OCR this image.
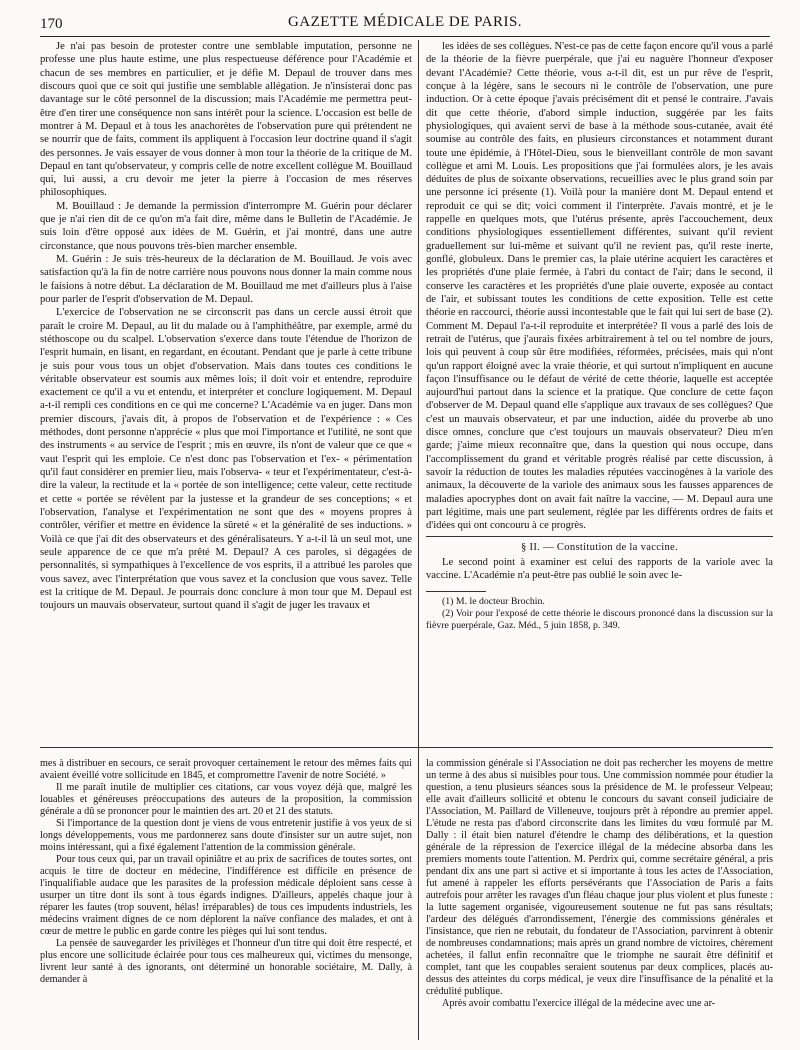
170	GAZETTE MÉDICALE DE PARIS.

Je n'ai pas besoin de protester contre une semblable imputation, personne ne professe une plus haute estime, une plus respectueuse déférence pour l'Académie et chacun de ses membres en particulier, et je défie M. Depaul de trouver dans mes discours quoi que ce soit qui justifie une semblable allégation. Je n'insisterai donc pas davantage sur le côté personnel de la discussion; mais l'Académie me permettra peut-être d'en tirer une conséquence non sans intérêt pour la science. L'occasion est belle de montrer à M. Depaul et à tous les anachorètes de l'observation pure qui prétendent ne se nourrir que de faits, comment ils appliquent à l'occasion leur doctrine quand il s'agit des personnes. Je vais essayer de vous donner à mon tour la théorie de la critique de M. Depaul en tant qu'observateur, y compris celle de notre excellent collègue M. Bouillaud qui, lui aussi, a cru devoir me jeter la pierre à l'occasion de mes réserves philosophiques.

M. Bouillaud : Je demande la permission d'interrompre M. Guérin pour déclarer que je n'ai rien dit de ce qu'on m'a fait dire, même dans le Bulletin de l'Académie. Je suis loin d'être opposé aux idées de M. Guérin, et j'ai montré, dans une autre circonstance, que nous pouvons très-bien marcher ensemble.

M. Guérin : Je suis très-heureux de la déclaration de M. Bouillaud. Je vois avec satisfaction qu'à la fin de notre carrière nous pouvons nous donner la main comme nous le faisions à notre début. La déclaration de M. Bouillaud me met d'ailleurs plus à l'aise pour parler de l'esprit d'observation de M. Depaul.

L'exercice de l'observation ne se circonscrit pas dans un cercle aussi étroit que paraît le croire M. Depaul, au lit du malade ou à l'amphithéâtre, par exemple, armé du stéthoscope ou du scalpel. L'observation s'exerce dans toute l'étendue de l'horizon de l'esprit humain, en lisant, en regardant, en écoutant. Pendant que je parle à cette tribune je suis pour vous tous un objet d'observation. Mais dans toutes ces conditions le véritable observateur est soumis aux mêmes lois; il doit voir et entendre, reproduire exactement ce qu'il a vu et entendu, et interpréter et conclure logiquement. M. Depaul a-t-il rempli ces conditions en ce qui me concerne? L'Académie va en juger. Dans mon premier discours, j'avais dit, à propos de l'observation et de l'expérience : « Ces méthodes, dont personne n'apprécie « plus que moi l'importance et l'utilité, ne sont que des instruments « au service de l'esprit ; mis en œuvre, ils n'ont de valeur que ce que « vaut l'esprit qui les emploie. Ce n'est donc pas l'observation et l'ex- « périmentation qu'il faut considérer en premier lieu, mais l'observa- « teur et l'expérimentateur, c'est-à-dire la valeur, la rectitude et la « portée de son intelligence; cette valeur, cette rectitude et cette « portée se révèlent par la justesse et la grandeur de ses conceptions; « et l'observation, l'analyse et l'expérimentation ne sont que des « moyens propres à contrôler, vérifier et mettre en évidence la sûreté « et la généralité de ses inductions. » Voilà ce que j'ai dit des observateurs et des généralisateurs. Y a-t-il là un seul mot, une seule apparence de ce que m'a prêté M. Depaul? A ces paroles, si dégagées de personnalités, si sympathiques à l'excellence de vos esprits, il a attribué les paroles que vous savez, avec l'interprétation que vous savez et la conclusion que vous savez. Telle est la critique de M. Depaul. Je pourrais donc conclure à mon tour que M. Depaul est toujours un mauvais observateur, surtout quand il s'agit de juger les travaux et

les idées de ses collègues. N'est-ce pas de cette façon encore qu'il vous a parlé de la théorie de la fièvre puerpérale, que j'ai eu naguère l'honneur d'exposer devant l'Académie? Cette théorie, vous a-t-il dit, est un pur rêve de l'esprit, conçue à la légère, sans le secours ni le contrôle de l'observation, une pure induction. Or à cette époque j'avais précisément dit et pensé le contraire. J'avais dit que cette théorie, d'abord simple induction, suggérée par les faits physiologiques, qui avaient servi de base à la méthode sous-cutanée, avait été soumise au contrôle des faits, en plusieurs circonstances et notamment durant toute une épidémie, à l'Hôtel-Dieu, sous le bienveillant contrôle de mon savant collègue et ami M. Louis. Les propositions que j'ai formulées alors, je les avais déduites de plus de soixante observations, recueillies avec le plus grand soin par une personne ici présente (1). Voilà pour la manière dont M. Depaul entend et reproduit ce qui se dit; voici comment il l'interprète. J'avais montré, et je le rappelle en quelques mots, que l'utérus présente, après l'accouchement, deux conditions physiologiques essentiellement différentes, suivant qu'il revient graduellement sur lui-même et suivant qu'il ne revient pas, qu'il reste inerte, gonflé, globuleux. Dans le premier cas, la plaie utérine acquiert les caractères et les propriétés d'une plaie fermée, à l'abri du contact de l'air; dans le second, il conserve les caractères et les propriétés d'une plaie ouverte, exposée au contact de l'air, et subissant toutes les conditions de cette exposition. Telle est cette théorie en raccourci, théorie aussi incontestable que le fait qui lui sert de base (2). Comment M. Depaul l'a-t-il reproduite et interprétée? Il vous a parlé des lois de retrait de l'utérus, que j'aurais fixées arbitrairement à tel ou tel nombre de jours, lois qui peuvent à coup sûr être modifiées, réformées, précisées, mais qui n'ont qu'un rapport éloigné avec la vraie théorie, et qui surtout n'impliquent en aucune façon l'insuffisance ou le défaut de vérité de cette théorie, laquelle est acceptée aujourd'hui partout dans la science et la pratique. Que conclure de cette façon d'observer de M. Depaul quand elle s'applique aux travaux de ses collègues? Que c'est un mauvais observateur, et par une induction, aidée du proverbe ab uno disce omnes, conclure que c'est toujours un mauvais observateur? Dieu m'en garde; j'aime mieux reconnaître que, dans la question qui nous occupe, dans l'accomplissement du grand et véritable progrès réalisé par cette discussion, à savoir la réduction de toutes les maladies réputées vaccinogènes à la variole des animaux, la découverte de la variole des animaux sous les fausses apparences de maladies apocryphes dont on avait fait naître la vaccine, — M. Depaul aura une part légitime, mais une part seulement, réglée par les différents ordres de faits et d'idées qui ont concouru à ce progrès.

§ II. — Constitution de la vaccine.

Le second point à examiner est celui des rapports de la variole avec la vaccine. L'Académie n'a peut-être pas oublié le soin avec le-

(1) M. le docteur Brochin.

(2) Voir pour l'exposé de cette théorie le discours prononcé dans la discussion sur la fièvre puerpérale, Gaz. Méd., 5 juin 1858, p. 349.

mes à distribuer en secours, ce serait provoquer certainement le retour des mêmes faits qui avaient éveillé votre sollicitude en 1845, et compromettre l'avenir de notre Société. »

Il me paraît inutile de multiplier ces citations, car vous voyez déjà que, malgré les louables et généreuses préoccupations des auteurs de la proposition, la commission générale a dû se prononcer pour le maintien des art. 20 et 21 des statuts.

Si l'importance de la question dont je viens de vous entretenir justifie à vos yeux de si longs développements, vous me pardonnerez sans doute d'insister sur un autre sujet, non moins intéressant, qui a fixé également l'attention de la commission générale.

Pour tous ceux qui, par un travail opiniâtre et au prix de sacrifices de toutes sortes, ont acquis le titre de docteur en médecine, l'indifférence est difficile en présence de l'inqualifiable audace que les parasites de la profession médicale déploient sans cesse à usurper un titre dont ils sont à tous égards indignes. D'ailleurs, appelés chaque jour à réparer les fautes (trop souvent, hélas! irréparables) de tous ces impudents industriels, les médecins vraiment dignes de ce nom déplorent la naïve confiance des malades, et ont à cœur de mettre le public en garde contre les pièges qui lui sont tendus.

La pensée de sauvegarder les privilèges et l'honneur d'un titre qui doit être respecté, et plus encore une sollicitude éclairée pour tous ces malheureux qui, victimes du mensonge, livrent leur santé à des ignorants, ont déterminé un honorable sociétaire, M. Dally, à demander à

la commission générale si l'Association ne doit pas rechercher les moyens de mettre un terme à des abus si nuisibles pour tous. Une commission nommée pour étudier la question, a tenu plusieurs séances sous la présidence de M. le professeur Velpeau; elle avait d'ailleurs sollicité et obtenu le concours du savant conseil judiciaire de l'Association, M. Paillard de Villeneuve, toujours prêt à répondre au premier appel. L'étude ne resta pas d'abord circonscrite dans les limites du vœu formulé par M. Dally : il était bien naturel d'étendre le champ des délibérations, et la question générale de la répression de l'exercice illégal de la médecine absorba dans les premiers moments toute l'attention. M. Perdrix qui, comme secrétaire général, a pris pendant dix ans une part si active et si importante à tous les actes de l'Association, fut amené à rappeler les efforts persévérants que l'Association de Paris a faits autrefois pour arrêter les ravages d'un fléau chaque jour plus violent et plus funeste : la lutte sagement organisée, vigoureusement soutenue ne fut pas sans résultats; l'ardeur des délégués d'arrondissement, l'énergie des commissions générales et l'insistance, que rien ne rebutait, du fondateur de l'Association, parvinrent à obtenir de nombreuses condamnations; mais après un grand nombre de victoires, chèrement achetées, il fallut enfin reconnaître que le triomphe ne saurait être définitif et complet, tant que les coupables seraient soutenus par deux complices, placés au-dessus des atteintes du corps médical, je veux dire l'insuffisance de la pénalité et la crédulité publique.

Après avoir combattu l'exercice illégal de la médecine avec une ar-
